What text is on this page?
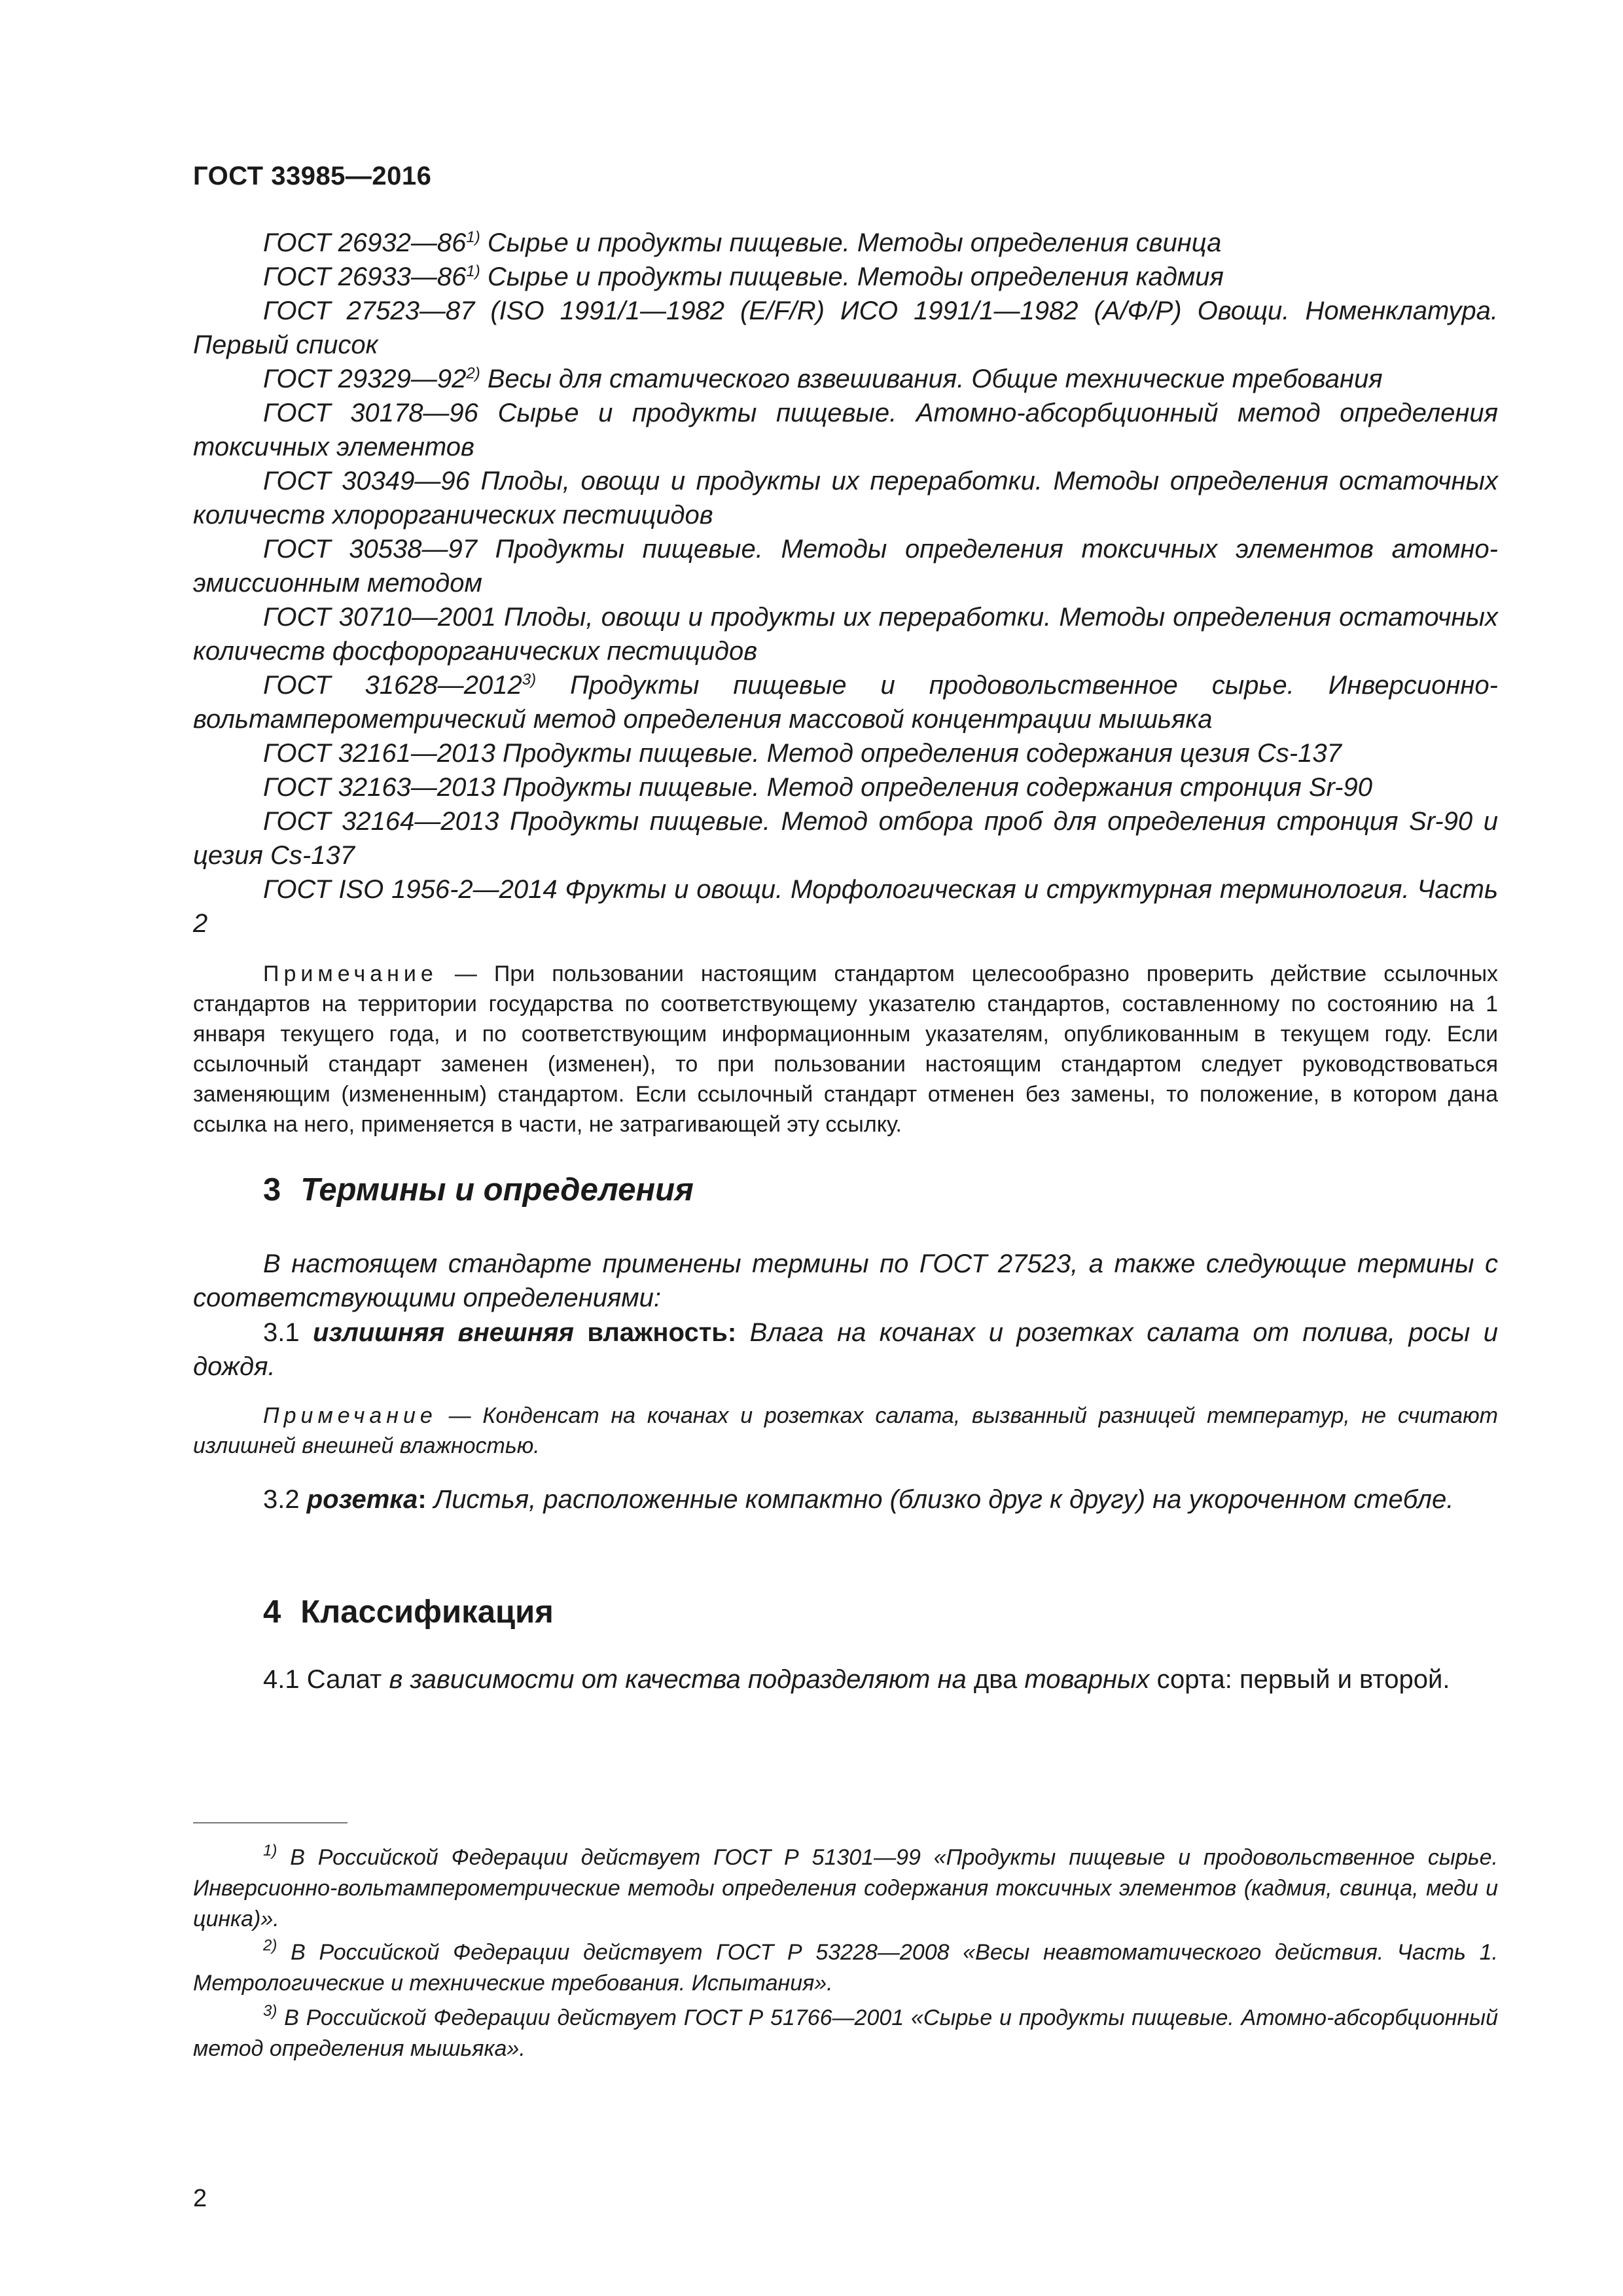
ГОСТ 33985—2016

ГОСТ 26932—86$^{1)}$ Сырье и продукты пищевые. Методы определения свинца

ГОСТ 26933—86$^{1)}$ Сырье и продукты пищевые. Методы определения кадмия

ГОСТ 27523—87 (ISO 1991/1—1982 (E/F/R) ИСО 1991/1—1982 (А/Ф/Р) Овощи. Номенклатура. Первый список

ГОСТ 29329—92$^{2)}$ Весы для статического взвешивания. Общие технические требования

ГОСТ 30178—96 Сырье и продукты пищевые. Атомно-абсорбционный метод определения токсичных элементов

ГОСТ 30349—96 Плоды, овощи и продукты их переработки. Методы определения остаточных количеств хлорорганических пестицидов

ГОСТ 30538—97 Продукты пищевые. Методы определения токсичных элементов атомно-эмиссионным методом

ГОСТ 30710—2001 Плоды, овощи и продукты их переработки. Методы определения остаточных количеств фосфорорганических пестицидов

ГОСТ 31628—2012$^{3)}$ Продукты пищевые и продовольственное сырье. Инверсионно-вольтамперометрический метод определения массовой концентрации мышьяка

ГОСТ 32161—2013 Продукты пищевые. Метод определения содержания цезия Cs-137

ГОСТ 32163—2013 Продукты пищевые. Метод определения содержания стронция Sr-90

ГОСТ 32164—2013 Продукты пищевые. Метод отбора проб для определения стронция Sr-90 и цезия Cs-137

ГОСТ ISO 1956-2—2014 Фрукты и овощи. Морфологическая и структурная терминология. Часть 2

Примечание — При пользовании настоящим стандартом целесообразно проверить действие ссылочных стандартов на территории государства по соответствующему указателю стандартов, составленному по состоянию на 1 января текущего года, и по соответствующим информационным указателям, опубликованным в текущем году. Если ссылочный стандарт заменен (изменен), то при пользовании настоящим стандартом следует руководствоваться заменяющим (измененным) стандартом. Если ссылочный стандарт отменен без замены, то положение, в котором дана ссылка на него, применяется в части, не затрагивающей эту ссылку.

3 Термины и определения

В настоящем стандарте применены термины по ГОСТ 27523, а также следующие термины с соответствующими определениями:

3.1 излишняя внешняя влажность: Влага на кочанах и розетках салата от полива, росы и дождя.

Примечание — Конденсат на кочанах и розетках салата, вызванный разницей температур, не считают излишней внешней влажностью.

3.2 розетка: Листья, расположенные компактно (близко друг к другу) на укороченном стебле.

4 Классификация

4.1 Салат в зависимости от качества подразделяют на два товарных сорта: первый и второй.

$^{1)}$ В Российской Федерации действует ГОСТ Р 51301—99 «Продукты пищевые и продовольственное сырье. Инверсионно-вольтамперометрические методы определения содержания токсичных элементов (кадмия, свинца, меди и цинка)».

$^{2)}$ В Российской Федерации действует ГОСТ Р 53228—2008 «Весы неавтоматического действия. Часть 1. Метрологические и технические требования. Испытания».

$^{3)}$ В Российской Федерации действует ГОСТ Р 51766—2001 «Сырье и продукты пищевые. Атомно-абсорбционный метод определения мышьяка».

2
